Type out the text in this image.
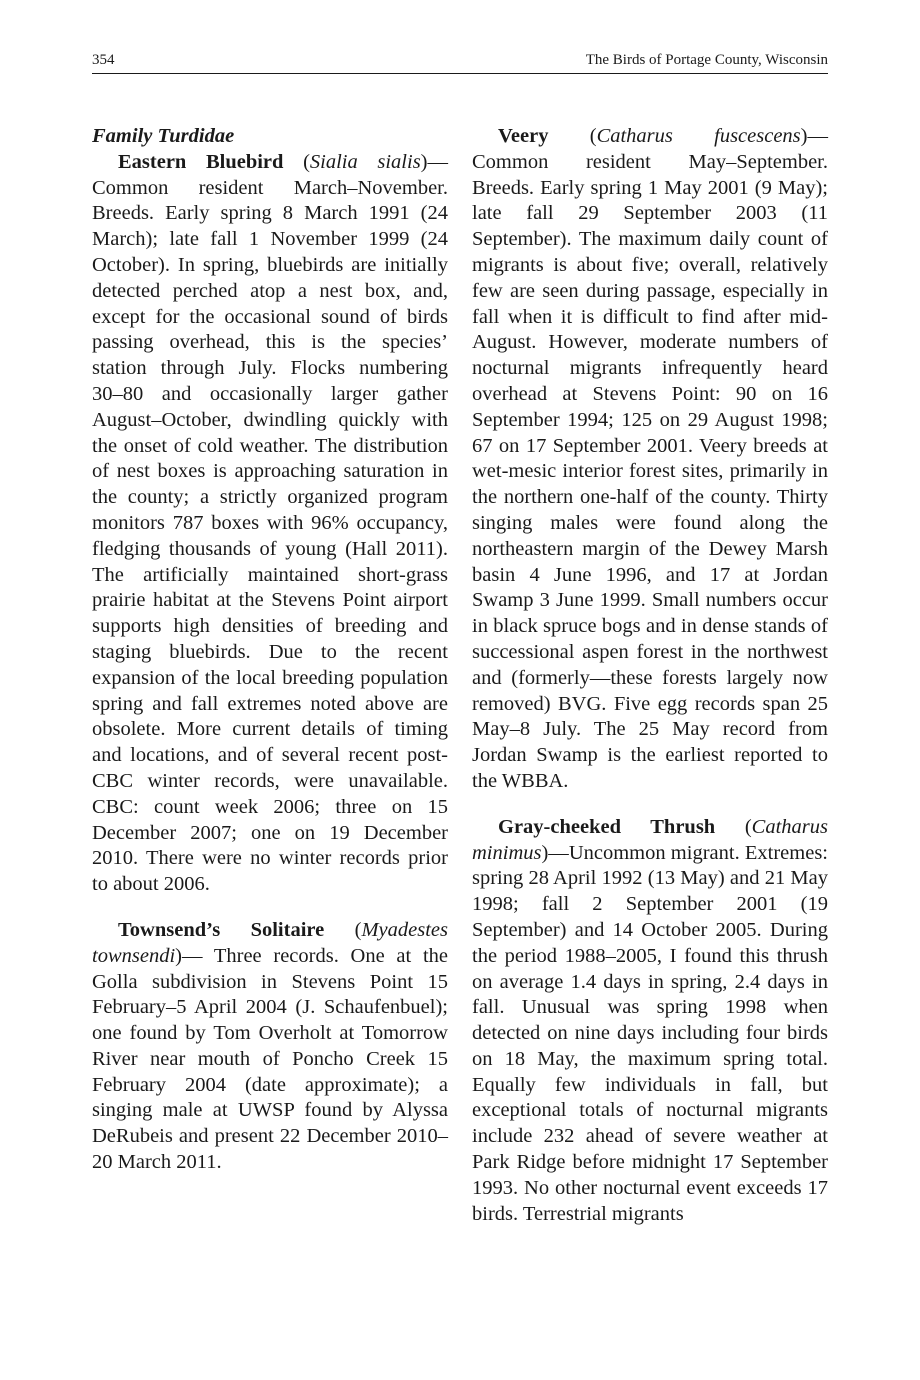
354	The Birds of Portage County, Wisconsin

Family Turdidae

Eastern Bluebird (Sialia sialis)—Common resident March–November. Breeds. Early spring 8 March 1991 (24 March); late fall 1 November 1999 (24 October). In spring, bluebirds are initially detected perched atop a nest box, and, except for the occasional sound of birds passing overhead, this is the species’ station through July. Flocks numbering 30–80 and occasionally larger gather August–October, dwindling quickly with the onset of cold weather. The distribution of nest boxes is approaching saturation in the county; a strictly organized program monitors 787 boxes with 96% occupancy, fledging thousands of young (Hall 2011). The artificially maintained short-grass prairie habitat at the Stevens Point airport supports high densities of breeding and staging bluebirds. Due to the recent expansion of the local breeding population spring and fall extremes noted above are obsolete. More current details of timing and locations, and of several recent post-CBC winter records, were unavailable. CBC: count week 2006; three on 15 December 2007; one on 19 December 2010. There were no winter records prior to about 2006.

Townsend’s Solitaire (Myadestes townsendi)— Three records. One at the Golla subdivision in Stevens Point 15 February–5 April 2004 (J. Schaufenbuel); one found by Tom Overholt at Tomorrow River near mouth of Poncho Creek 15 February 2004 (date approximate); a singing male at UWSP found by Alyssa DeRubeis and present 22 December 2010–20 March 2011.

Veery (Catharus fuscescens)—Common resident May–September. Breeds. Early spring 1 May 2001 (9 May); late fall 29 September 2003 (11 September). The maximum daily count of migrants is about five; overall, relatively few are seen during passage, especially in fall when it is difficult to find after mid-August. However, moderate numbers of nocturnal migrants infrequently heard overhead at Stevens Point: 90 on 16 September 1994; 125 on 29 August 1998; 67 on 17 September 2001. Veery breeds at wet-mesic interior forest sites, primarily in the northern one-half of the county. Thirty singing males were found along the northeastern margin of the Dewey Marsh basin 4 June 1996, and 17 at Jordan Swamp 3 June 1999. Small numbers occur in black spruce bogs and in dense stands of successional aspen forest in the northwest and (formerly—these forests largely now removed) BVG. Five egg records span 25 May–8 July. The 25 May record from Jordan Swamp is the earliest reported to the WBBA.

Gray-cheeked Thrush (Catharus minimus)—Uncommon migrant. Extremes: spring 28 April 1992 (13 May) and 21 May 1998; fall 2 September 2001 (19 September) and 14 October 2005. During the period 1988–2005, I found this thrush on average 1.4 days in spring, 2.4 days in fall. Unusual was spring 1998 when detected on nine days including four birds on 18 May, the maximum spring total. Equally few individuals in fall, but exceptional totals of nocturnal migrants include 232 ahead of severe weather at Park Ridge before midnight 17 September 1993. No other nocturnal event exceeds 17 birds. Terrestrial migrants
